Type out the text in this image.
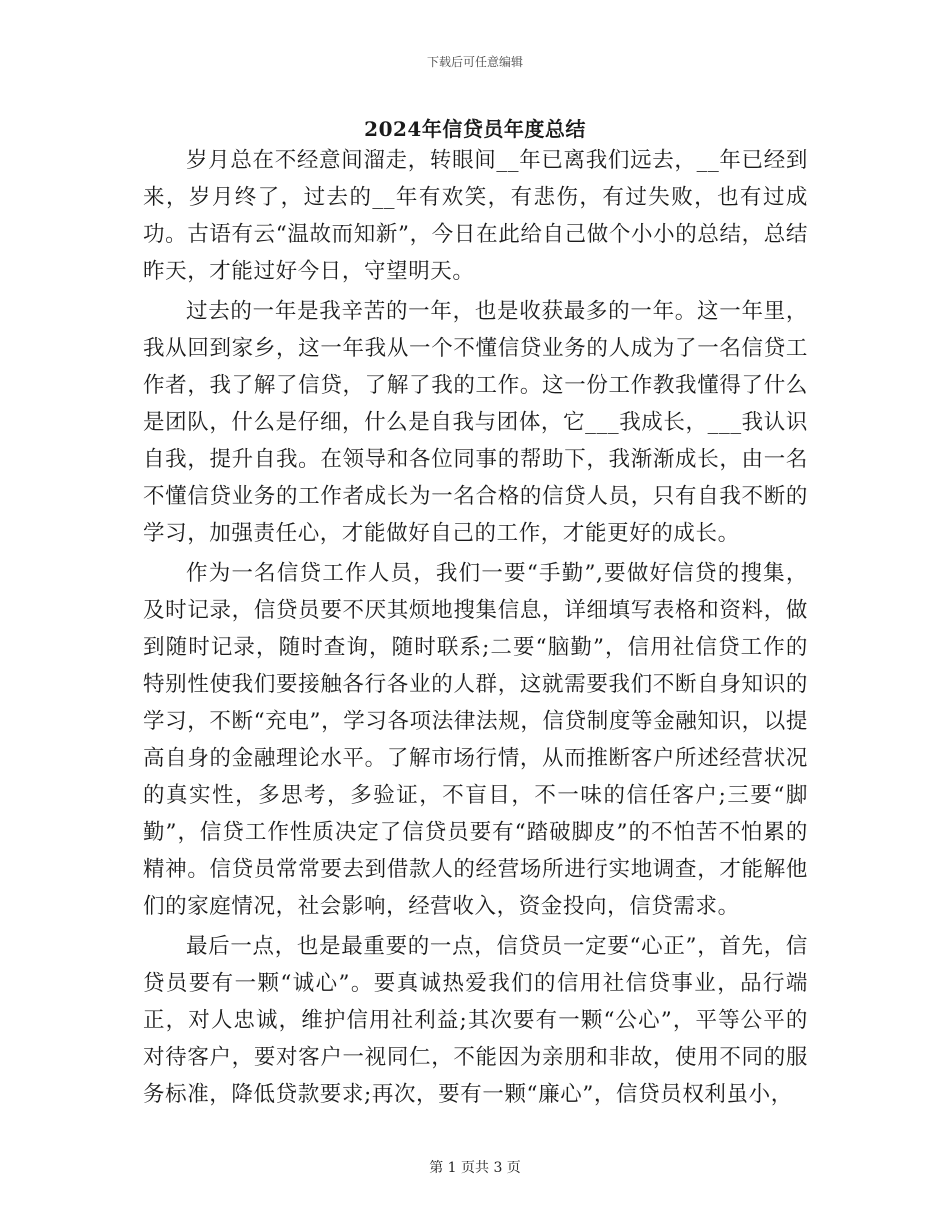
下载后可任意编辑
2024年信贷员年度总结

岁月总在不经意间溜走，转眼间__年已离我们远去，__年已经到来，岁月终了，过去的__年有欢笑，有悲伤，有过失败，也有过成功。古语有云“温故而知新”，今日在此给自己做个小小的总结，总结昨天，才能过好今日，守望明天。

过去的一年是我辛苦的一年，也是收获最多的一年。这一年里，我从回到家乡，这一年我从一个不懂信贷业务的人成为了一名信贷工作者，我了解了信贷，了解了我的工作。这一份工作教我懂得了什么是团队，什么是仔细，什么是自我与团体，它___我成长，___我认识自我，提升自我。在领导和各位同事的帮助下，我渐渐成长，由一名不懂信贷业务的工作者成长为一名合格的信贷人员，只有自我不断的学习，加强责任心，才能做好自己的工作，才能更好的成长。

作为一名信贷工作人员，我们一要“手勤”,要做好信贷的搜集，及时记录，信贷员要不厌其烦地搜集信息，详细填写表格和资料，做到随时记录，随时查询，随时联系;二要“脑勤”，信用社信贷工作的特别性使我们要接触各行各业的人群，这就需要我们不断自身知识的学习，不断“充电”，学习各项法律法规，信贷制度等金融知识，以提高自身的金融理论水平。了解市场行情，从而推断客户所述经营状况的真实性，多思考，多验证，不盲目，不一味的信任客户;三要“脚勤”，信贷工作性质决定了信贷员要有“踏破脚皮”的不怕苦不怕累的精神。信贷员常常要去到借款人的经营场所进行实地调查，才能解他们的家庭情况，社会影响，经营收入，资金投向，信贷需求。

最后一点，也是最重要的一点，信贷员一定要“心正”，首先，信贷员要有一颗“诚心”。要真诚热爱我们的信用社信贷事业，品行端正，对人忠诚，维护信用社利益;其次要有一颗“公心”，平等公平的对待客户，要对客户一视同仁，不能因为亲朋和非故，使用不同的服务标准，降低贷款要求;再次，要有一颗“廉心”，信贷员权利虽小，

第 1 页共 3 页
